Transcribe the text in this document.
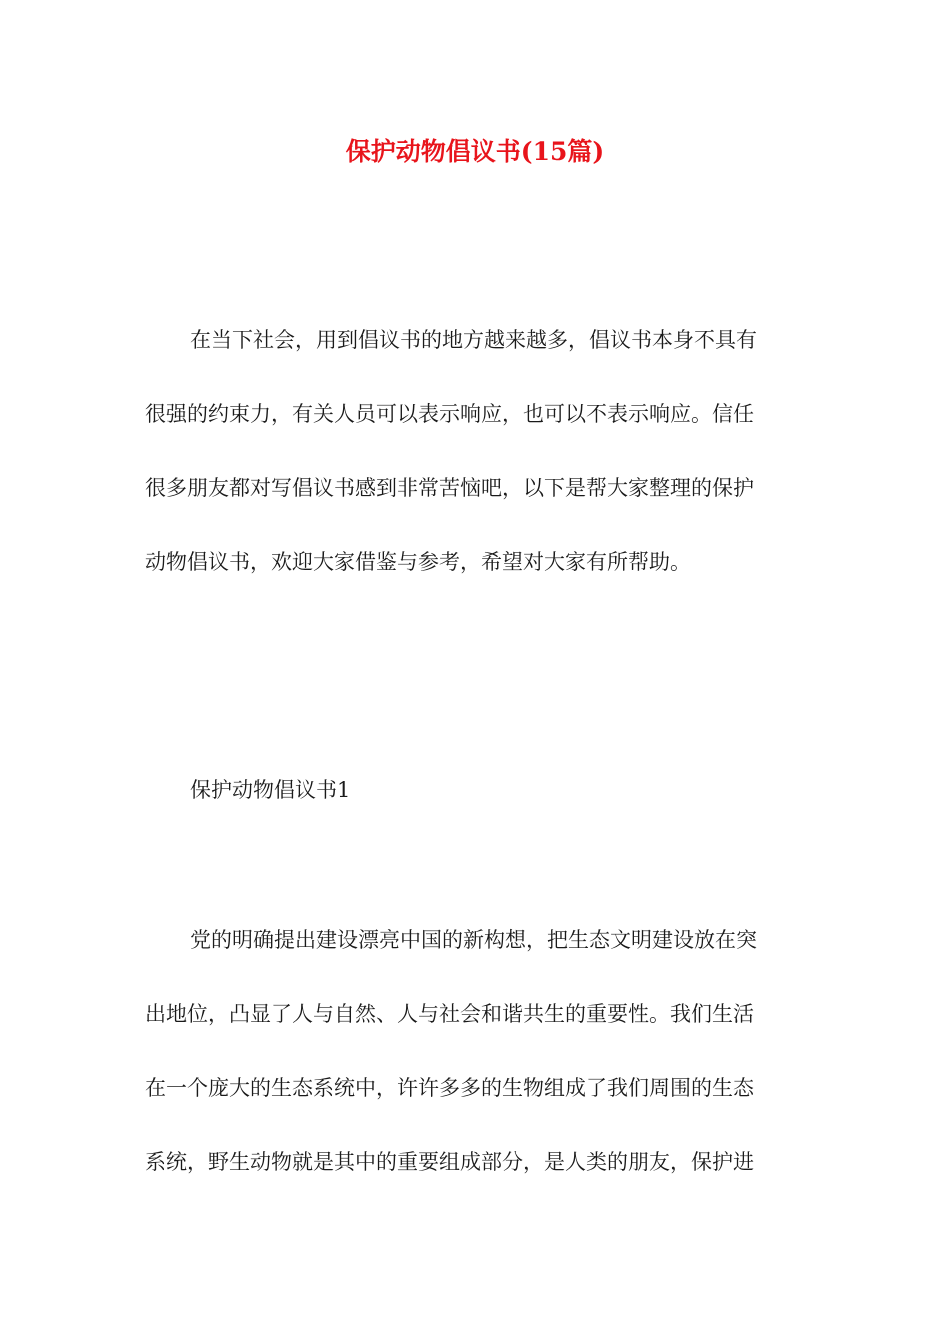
保护动物倡议书(15篇)
在当下社会，用到倡议书的地方越来越多，倡议书本身不具有
很强的约束力，有关人员可以表示响应，也可以不表示响应。信任
很多朋友都对写倡议书感到非常苦恼吧，以下是帮大家整理的保护
动物倡议书，欢迎大家借鉴与参考，希望对大家有所帮助。
保护动物倡议书1
党的明确提出建设漂亮中国的新构想，把生态文明建设放在突
出地位，凸显了人与自然、人与社会和谐共生的重要性。我们生活
在一个庞大的生态系统中，许许多多的生物组成了我们周围的生态
系统，野生动物就是其中的重要组成部分，是人类的朋友，保护进
